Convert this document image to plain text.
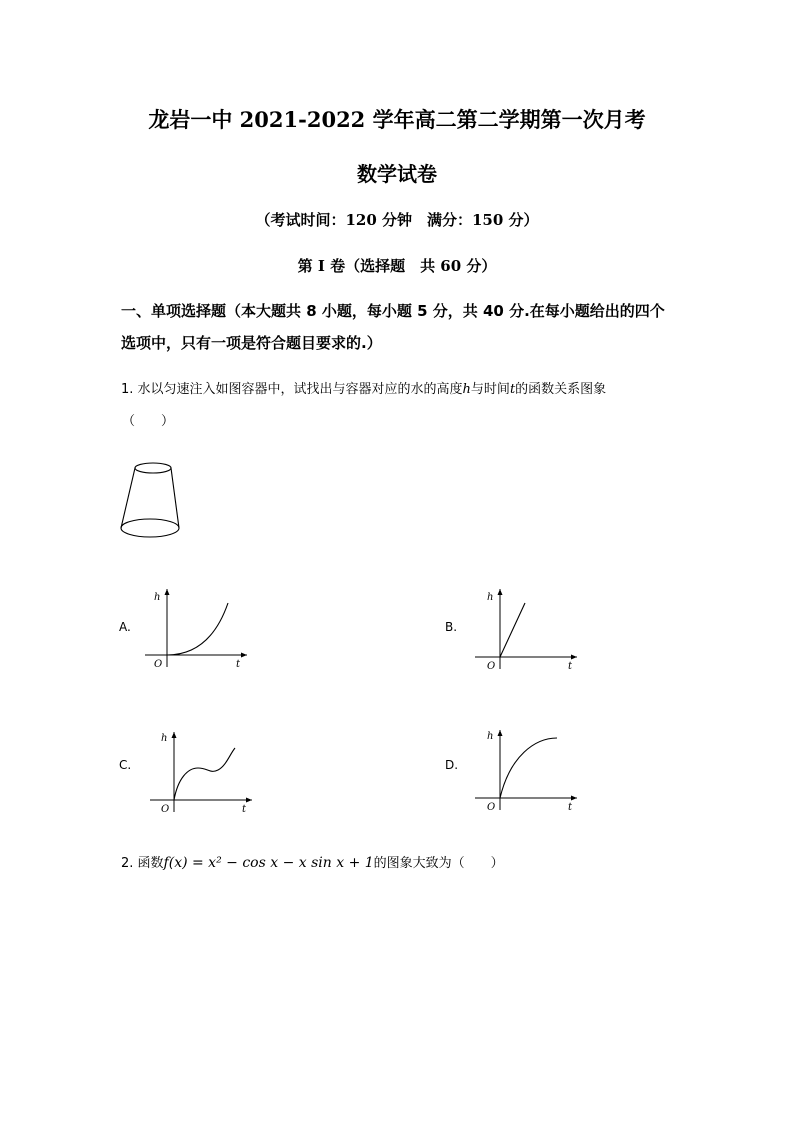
龙岩一中 2021-2022 学年高二第二学期第一次月考
数学试卷
（考试时间：120 分钟　满分：150 分）
第 I 卷（选择题　共 60 分）
一、单项选择题（本大题共 8 小题，每小题 5 分，共 40 分.在每小题给出的四个
选项中，只有一项是符合题目要求的.）
1. 水以匀速注入如图容器中，试找出与容器对应的水的高度h与时间t的函数关系图象
（　　）
A.
h
t
O
B.
h
t
O
C.
h
t
O
D.
h
t
O
2. 函数f(x) = x² − cos x − x sin x + 1的图象大致为（　　）
